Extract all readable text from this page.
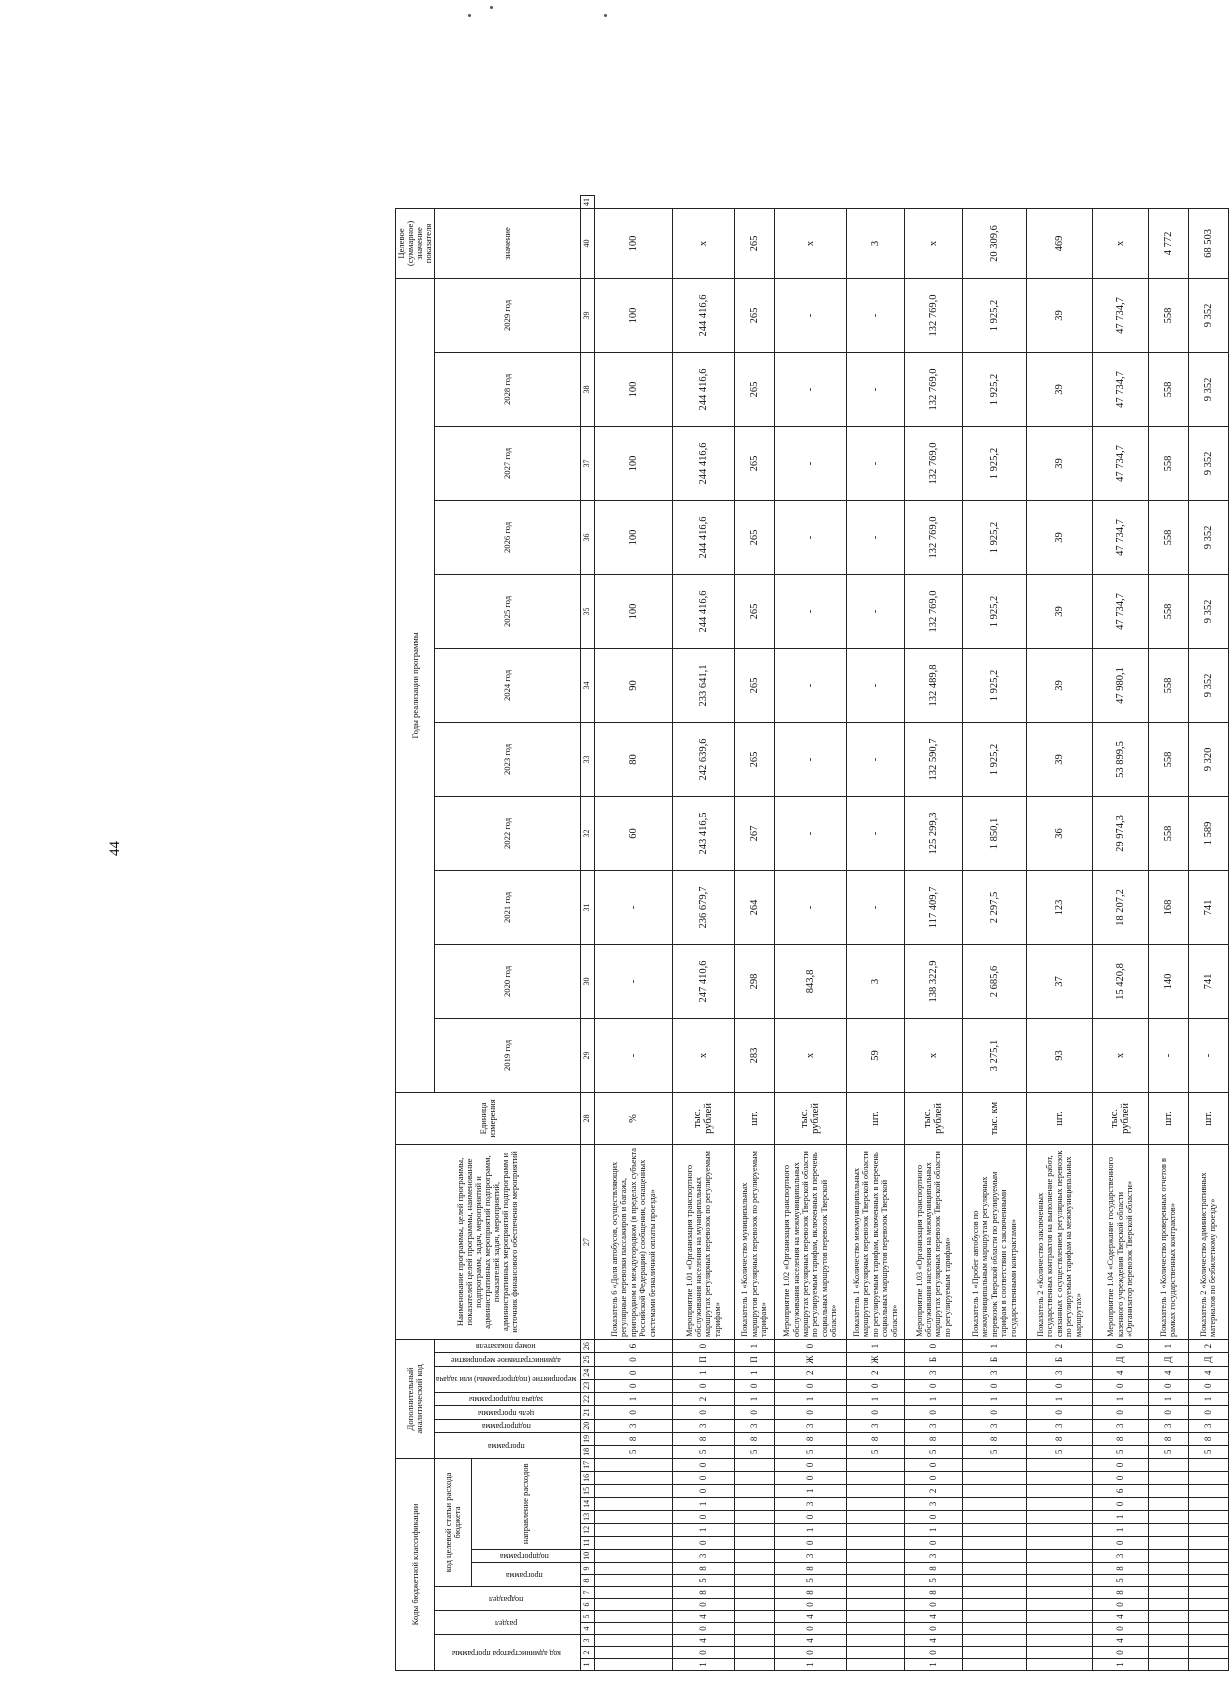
44
Коды бюджетной классификации																	Дополнительный аналитический код									Наименование программы, целей программы, показателей целей программы, наименование подпрограмм, задач, мероприятий и административных мероприятий подпрограмм, показателей задач, мероприятий, административных мероприятий подпрограмм и источник финансового обеспечения мероприятий	Единица измерения	Годы реализации программы											Целевое (суммарное) значение показателя	
код администратора программы			раздел		подраздел		код целевой статьи расхода бюджета										программа		подпрограмма	цель программы	задача подпрограммы	мероприятие (подпрограммы) или задача		административное мероприятие	номер показателя			2019 год	2020 год	2021 год	2022 год	2023 год	2024 год	2025 год	2026 год	2027 год	2028 год	2029 год	значение	
							программа		подпрограмма	направление расходов																														
1	2	3	4	5	6	7	8	9	10	11	12	13	14	15	16	17	18	19	20	21	22	23	24	25	26	27	28	29	30	31	32	33	34	35	36	37	38	39	40	41
																	5	8	3	0	1	0	0	0	6	Показатель 6 «Доля автобусов, осуществляющих регулярные перевозки пассажиров и багажа, пригородном и междугородном (в пределах субъекта Российской Федерации) сообщении, оснащенных системами безналичной оплаты проезда»	%	-	-	-	60	80	90	100	100	100	100	100	100	
1	0	4	0	4	0	8	5	8	3	0	1	0	1	0	0	0	5	8	3	0	2	0	1	П	0	Мероприятие 1.01 «Организация транспортного обслуживания населения на муниципальных маршрутах регулярных перевозок по регулируемым тарифам»	тыс. рублей	х	247 410,6	236 679,7	243 416,5	242 639,6	233 641,1	244 416,6	244 416,6	244 416,6	244 416,6	244 416,6	х	
																	5	8	3	0	1	0	1	П	1	Показатель 1 «Количество муниципальных маршрутов регулярных перевозок по регулируемым тарифам»	шт.	283	298	264	267	265	265	265	265	265	265	265	265	
1	0	4	0	4	0	8	5	8	3	0	1	0	3	1	0	0	5	8	3	0	1	0	2	Ж	0	Мероприятие 1.02 «Организация транспортного обслуживания населения на межмуниципальных маршрутах регулярных перевозок Тверской области по регулируемым тарифам, включенных в перечень социальных маршрутов перевозок Тверской области»	тыс. рублей	х	843,8	-	-	-	-	-	-	-	-	-	х	
																	5	8	3	0	1	0	2	Ж	1	Показатель 1 «Количество межмуниципальных маршрутов регулярных перевозок Тверской области по регулируемым тарифам, включенных в перечень социальных маршрутов перевозок Тверской области»	шт.	59	3	-	-	-	-	-	-	-	-	-	3	
1	0	4	0	4	0	8	5	8	3	0	1	0	3	2	0	0	5	8	3	0	1	0	3	Б	0	Мероприятие 1.03 «Организация транспортного обслуживания населения на межмуниципальных маршрутах регулярных перевозок Тверской области по регулируемым тарифам»	тыс. рублей	х	138 322,9	117 409,7	125 299,3	132 590,7	132 489,8	132 769,0	132 769,0	132 769,0	132 769,0	132 769,0	х	
																	5	8	3	0	1	0	3	Б	1	Показатель 1 «Пробег автобусов по межмуниципальным маршрутам регулярных перевозок Тверской области по регулируемым тарифам в соответствии с заключенными государственными контрактами»	тыс. км	3 275,1	2 685,6	2 297,5	1 850,1	1 925,2	1 925,2	1 925,2	1 925,2	1 925,2	1 925,2	1 925,2	20 309,6	
																	5	8	3	0	1	0	3	Б	2	Показатель 2 «Количество заключенных государственных контрактов на выполнение работ, связанных с осуществлением регулярных перевозок по регулируемым тарифам на межмуниципальных маршрутах»	шт.	93	37	123	36	39	39	39	39	39	39	39	469	
1	0	4	0	4	0	8	5	8	3	0	1	1	0	6	0	0	5	8	3	0	1	0	4	Д	0	Мероприятие 1.04 «Содержание государственного казенного учреждения Тверской области «Организатор перевозок Тверской области»	тыс. рублей	х	15 420,8	18 207,2	29 974,3	53 899,5	47 980,1	47 734,7	47 734,7	47 734,7	47 734,7	47 734,7	х	
																	5	8	3	0	1	0	4	Д	1	Показатель 1 «Количество проверенных отчетов в рамках государственных контрактов»	шт.	-	140	168	558	558	558	558	558	558	558	558	4 772	
																	5	8	3	0	1	0	4	Д	2	Показатель 2 «Количество административных материалов по безбилетному проезду»	шт.	-	741	741	1 589	9 320	9 352	9 352	9 352	9 352	9 352	9 352	68 503	
